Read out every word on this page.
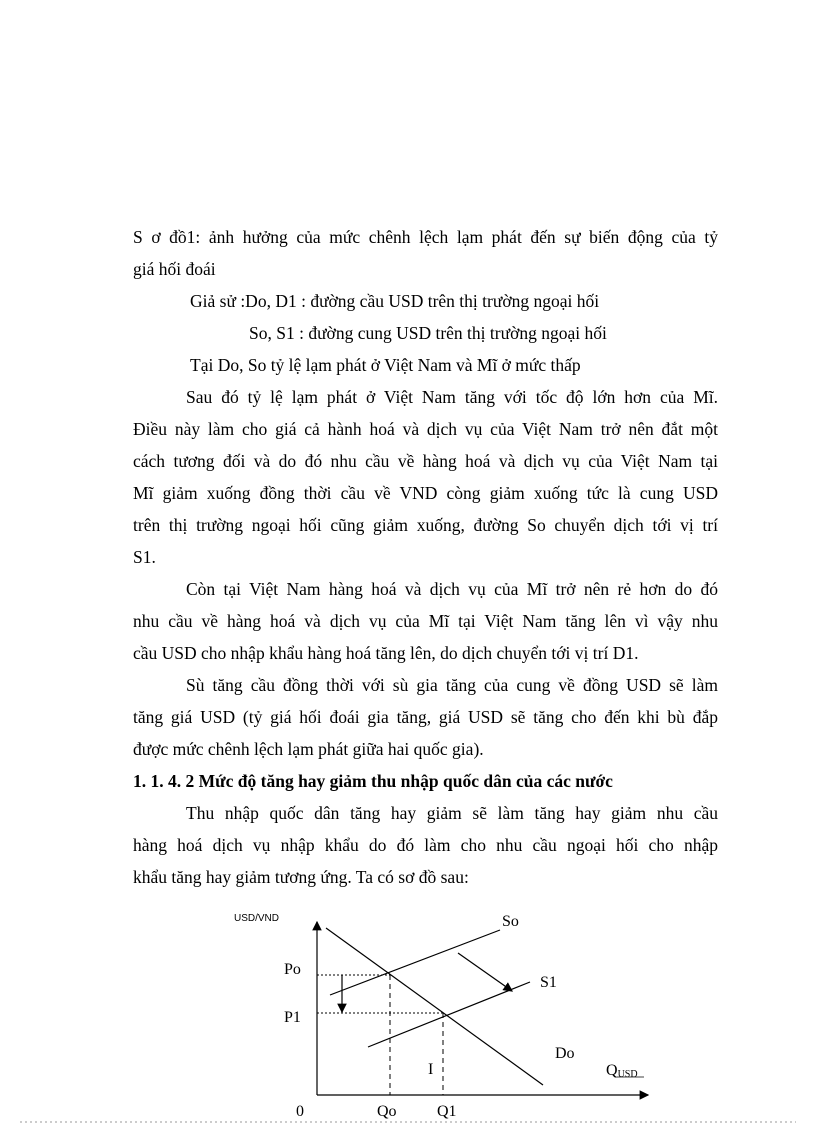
S ơ đồ1: ảnh hưởng của mức chênh lệch lạm phát đến sự biến động của tỷ
giá hối đoái
Giả sử :Do, D1 : đường cầu USD trên thị trường ngoại hối
So, S1 : đường cung USD trên thị trường ngoại hối
Tại Do, So tỷ lệ lạm phát ở Việt Nam và Mĩ ở mức thấp
Sau đó tỷ lệ lạm phát ở Việt Nam tăng với tốc độ lớn hơn của Mĩ.
Điều này làm cho giá cả hành hoá và dịch vụ của Việt Nam trở nên đắt một
cách tương đối và do đó nhu cầu về hàng hoá và dịch vụ của Việt Nam tại
Mĩ giảm xuống đồng thời cầu về VND còng giảm xuống tức là cung USD
trên thị trường ngoại hối cũng giảm xuống, đường So chuyển dịch tới vị trí
S1.
Còn tại Việt Nam hàng hoá và dịch vụ của Mĩ trở nên rẻ hơn do đó
nhu cầu về hàng hoá và dịch vụ của Mĩ tại Việt Nam tăng lên vì vậy nhu
cầu USD cho nhập khẩu hàng hoá tăng lên, do dịch chuyển tới vị trí D1.
Sù tăng cầu đồng thời với sù gia tăng của cung về đồng USD sẽ làm
tăng giá USD (tỷ giá hối đoái gia tăng, giá USD sẽ tăng cho đến khi bù đắp
được mức chênh lệch lạm phát giữa hai quốc gia).
1. 1. 4. 2 Mức độ tăng hay giảm thu nhập quốc dân của các nước
Thu nhập quốc dân tăng hay giảm sẽ làm tăng hay giảm nhu cầu
hàng hoá dịch vụ nhập khẩu do đó làm cho nhu cầu ngoại hối cho nhập
khẩu tăng hay giảm tương ứng. Ta có sơ đồ sau:
USD/VND
Po
P1
So
S1
Do
I	QUSD
0	Qo	Q1
